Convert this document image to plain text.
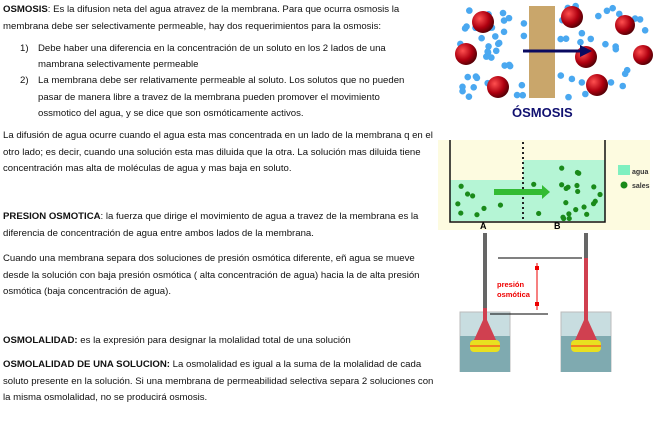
OSMOSIS: Es la difusion neta del agua atravez de la membrana. Para que ocurra osmosis la membrana debe ser selectivamente permeable, hay dos requerimientos para la osmosis:

1) Debe haber una diferencia en la concentración de un soluto en los 2 lados de una mambrana selectivamente permeable
2) La membrana debe ser relativamente permeable al soluto. Los solutos que no pueden pasar de manera libre a travez de la membrana pueden promover el movimiento ossmotico del agua, y se dice que son osmóticamente activos.

La difusión de agua ocurre cuando el agua esta mas concentrada en un lado de la membrana q en el otro lado; es decir, cuando una solución esta mas diluida que la otra. La solución mas diluida tiene concentración mas alta de moléculas de agua y mas baja en soluto.

PRESION OSMOTICA: la fuerza que dirige el movimiento de agua a travez de la membrana es la diferencia de concentración de agua entre ambos lados de la membrana.

Cuando una membrana separa dos soluciones de presión osmótica diferente, eñ agua se mueve desde la solución con baja presión osmótica ( alta concentración de agua) hacia la de alta presión osmótica (baja concentración de agua).

OSMOLALIDAD: es la expresión para designar la molalidad total de una solución

OSMOLALIDAD DE UNA SOLUCION: La osmolalidad es igual a la suma de la molalidad de cada soluto presente en la solución. Si una membrana de permeabilidad selectiva separa 2 soluciones con la misma osmolalidad, no se producirá osmosis.

ÓSMOSIS
agua
sales
A	B
presión
osmótica
